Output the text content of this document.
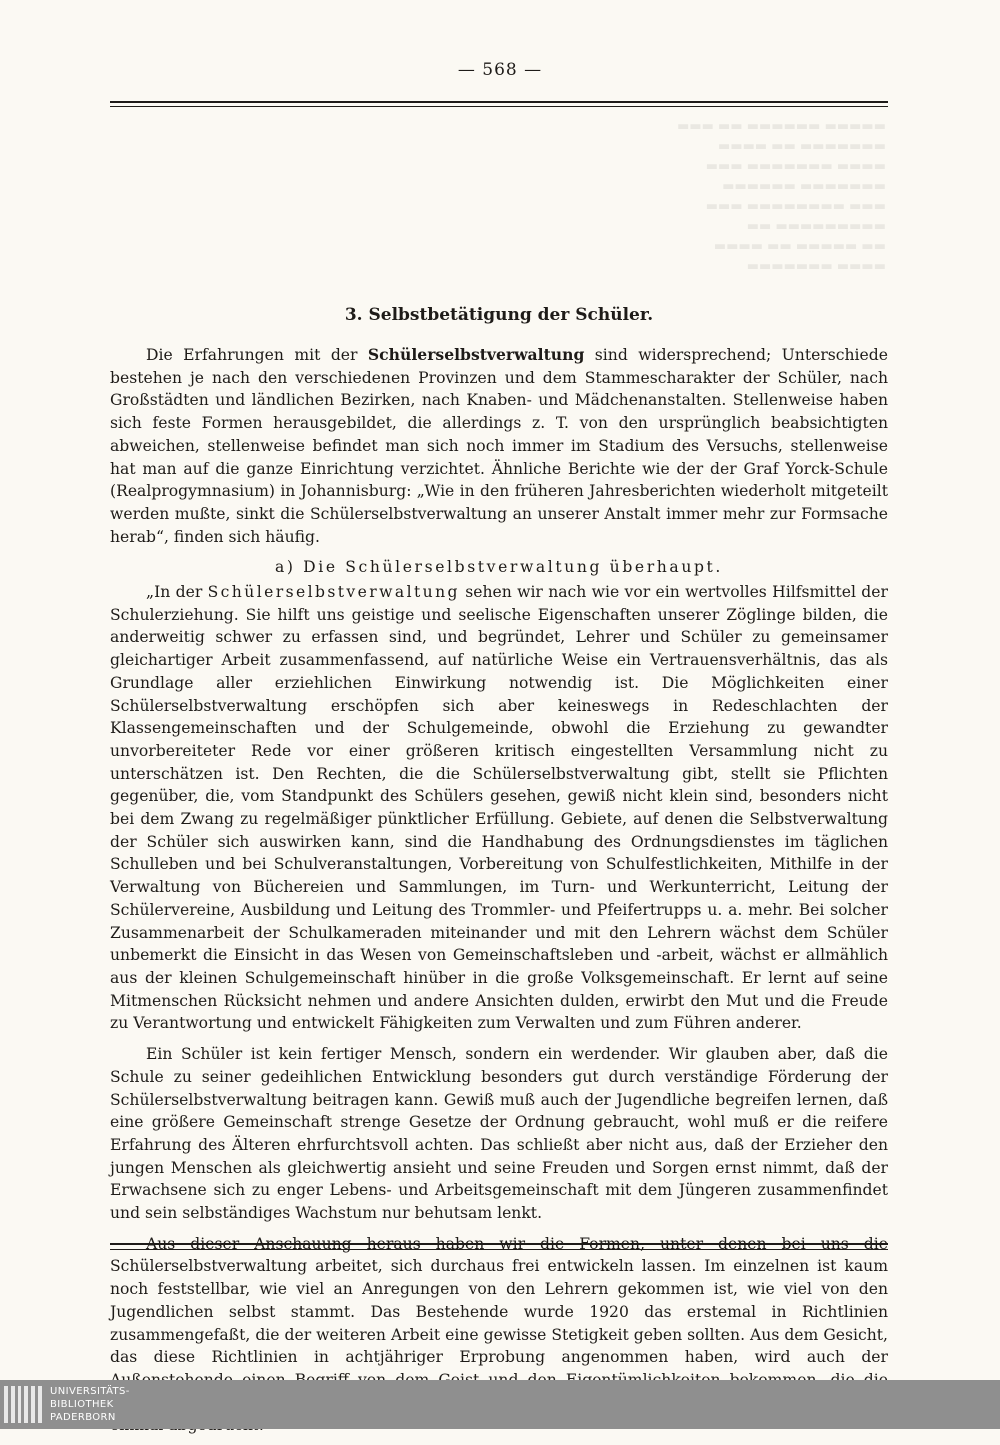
— 568 —
▬▬▬ ▬▬ ▬▬▬▬▬▬ ▬▬▬▬▬
▬▬▬▬ ▬▬ ▬▬▬▬▬▬▬
▬▬▬ ▬▬▬▬▬▬▬ ▬▬▬▬
▬▬▬▬▬▬ ▬▬▬▬▬▬▬
▬▬▬ ▬▬▬▬▬▬▬▬ ▬▬▬
▬▬ ▬▬▬▬▬▬▬▬▬
▬▬▬▬ ▬▬ ▬▬▬▬▬ ▬▬
▬▬▬▬▬▬▬ ▬▬▬▬
3. Selbstbetätigung der Schüler.

Die Erfahrungen mit der Schülerselbstverwaltung sind widersprechend; Unterschiede bestehen je nach den verschiedenen Provinzen und dem Stammescharakter der Schüler, nach Großstädten und ländlichen Bezirken, nach Knaben- und Mädchenanstalten. Stellenweise haben sich feste Formen herausgebildet, die allerdings z. T. von den ursprünglich beabsichtigten abweichen, stellenweise befindet man sich noch immer im Stadium des Versuchs, stellenweise hat man auf die ganze Einrichtung verzichtet. Ähnliche Berichte wie der der Graf Yorck-Schule (Realprogymnasium) in Johannisburg: „Wie in den früheren Jahresberichten wiederholt mitgeteilt werden mußte, sinkt die Schülerselbstverwaltung an unserer Anstalt immer mehr zur Formsache herab“, finden sich häufig.

a) Die Schülerselbstverwaltung überhaupt.

„In der Schülerselbstverwaltung sehen wir nach wie vor ein wertvolles Hilfsmittel der Schulerziehung. Sie hilft uns geistige und seelische Eigenschaften unserer Zöglinge bilden, die anderweitig schwer zu erfassen sind, und begründet, Lehrer und Schüler zu gemeinsamer gleichartiger Arbeit zusammenfassend, auf natürliche Weise ein Vertrauensverhältnis, das als Grundlage aller erziehlichen Einwirkung notwendig ist. Die Möglichkeiten einer Schülerselbstverwaltung erschöpfen sich aber keineswegs in Redeschlachten der Klassengemeinschaften und der Schulgemeinde, obwohl die Erziehung zu gewandter unvorbereiteter Rede vor einer größeren kritisch eingestellten Versammlung nicht zu unterschätzen ist. Den Rechten, die die Schülerselbstverwaltung gibt, stellt sie Pflichten gegenüber, die, vom Standpunkt des Schülers gesehen, gewiß nicht klein sind, besonders nicht bei dem Zwang zu regelmäßiger pünktlicher Erfüllung. Gebiete, auf denen die Selbstverwaltung der Schüler sich auswirken kann, sind die Handhabung des Ordnungsdienstes im täglichen Schulleben und bei Schulveranstaltungen, Vorbereitung von Schulfestlichkeiten, Mithilfe in der Verwaltung von Büchereien und Sammlungen, im Turn- und Werkunterricht, Leitung der Schülervereine, Ausbildung und Leitung des Trommler- und Pfeifertrupps u. a. mehr. Bei solcher Zusammenarbeit der Schulkameraden miteinander und mit den Lehrern wächst dem Schüler unbemerkt die Einsicht in das Wesen von Gemeinschaftsleben und -arbeit, wächst er allmählich aus der kleinen Schulgemeinschaft hinüber in die große Volksgemeinschaft. Er lernt auf seine Mitmenschen Rücksicht nehmen und andere Ansichten dulden, erwirbt den Mut und die Freude zu Verantwortung und entwickelt Fähigkeiten zum Verwalten und zum Führen anderer.

Ein Schüler ist kein fertiger Mensch, sondern ein werdender. Wir glauben aber, daß die Schule zu seiner gedeihlichen Entwicklung besonders gut durch verständige Förderung der Schülerselbstverwaltung beitragen kann. Gewiß muß auch der Jugendliche begreifen lernen, daß eine größere Gemeinschaft strenge Gesetze der Ordnung gebraucht, wohl muß er die reifere Erfahrung des Älteren ehrfurchtsvoll achten. Das schließt aber nicht aus, daß der Erzieher den jungen Menschen als gleichwertig ansieht und seine Freuden und Sorgen ernst nimmt, daß der Erwachsene sich zu enger Lebens- und Arbeitsgemeinschaft mit dem Jüngeren zusammenfindet und sein selbständiges Wachstum nur behutsam lenkt.

Aus dieser Anschauung heraus haben wir die Formen, unter denen bei uns die Schülerselbstverwaltung arbeitet, sich durchaus frei entwickeln lassen. Im einzelnen ist kaum noch feststellbar, wie viel an Anregungen von den Lehrern gekommen ist, wie viel von den Jugendlichen selbst stammt. Das Bestehende wurde 1920 das erstemal in Richtlinien zusammengefaßt, die der weiteren Arbeit eine gewisse Stetigkeit geben sollten. Aus dem Gesicht, das diese Richtlinien in achtjähriger Erprobung angenommen haben, wird auch der

UNIVERSITÄTS-
BIBLIOTHEK
PADERBORN
